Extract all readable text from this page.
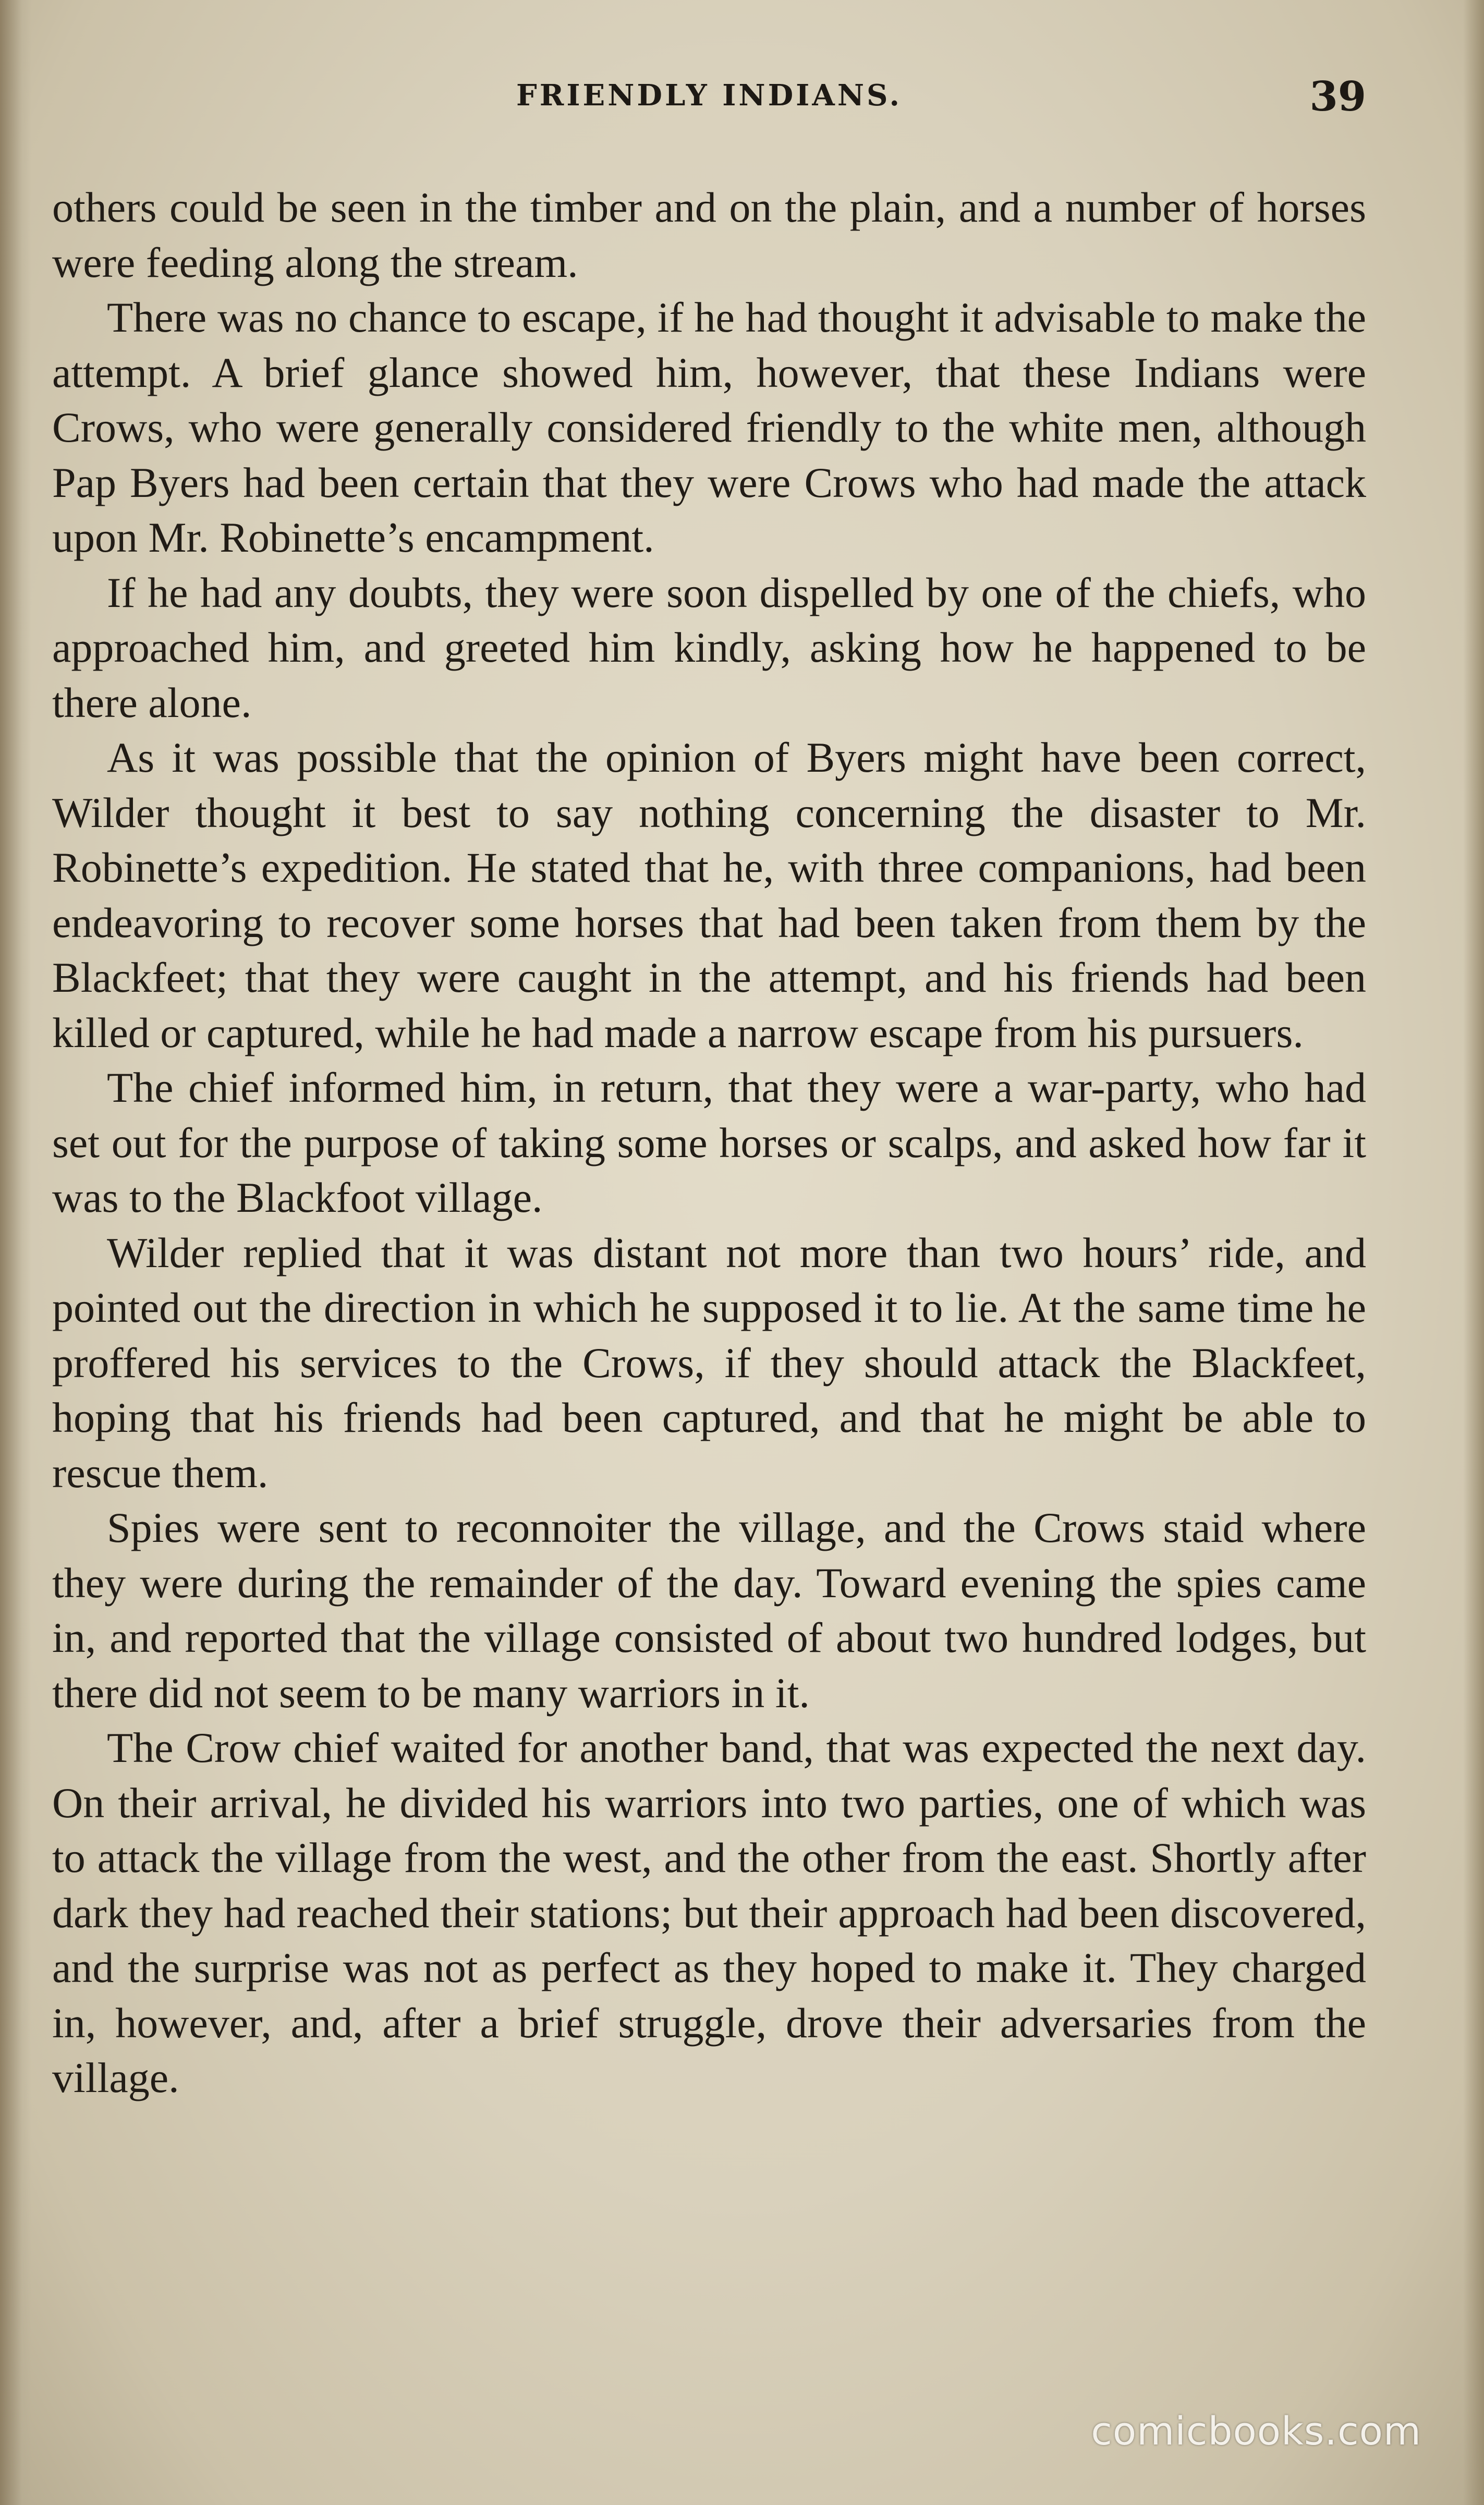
FRIENDLY INDIANS.	39

others could be seen in the timber and on the plain, and a number of horses were feeding along the stream.

There was no chance to escape, if he had thought it advisable to make the attempt. A brief glance showed him, however, that these Indians were Crows, who were generally considered friendly to the white men, although Pap Byers had been certain that they were Crows who had made the attack upon Mr. Robinette’s encampment.

If he had any doubts, they were soon dispelled by one of the chiefs, who approached him, and greeted him kindly, asking how he happened to be there alone.

As it was possible that the opinion of Byers might have been correct, Wilder thought it best to say nothing concerning the disaster to Mr. Robinette’s expedition. He stated that he, with three companions, had been endeavoring to recover some horses that had been taken from them by the Blackfeet; that they were caught in the attempt, and his friends had been killed or captured, while he had made a narrow escape from his pursuers.

The chief informed him, in return, that they were a war-party, who had set out for the purpose of taking some horses or scalps, and asked how far it was to the Blackfoot village.

Wilder replied that it was distant not more than two hours’ ride, and pointed out the direction in which he supposed it to lie. At the same time he proffered his services to the Crows, if they should attack the Blackfeet, hoping that his friends had been captured, and that he might be able to rescue them.

Spies were sent to reconnoiter the village, and the Crows staid where they were during the remainder of the day. Toward evening the spies came in, and reported that the village consisted of about two hundred lodges, but there did not seem to be many warriors in it.

The Crow chief waited for another band, that was expected the next day. On their arrival, he divided his warriors into two parties, one of which was to attack the village from the west, and the other from the east. Shortly after dark they had reached their stations; but their approach had been discovered, and the surprise was not as perfect as they hoped to make it. They charged in, however, and, after a brief struggle, drove their adversaries from the village.

comicbooks.com
